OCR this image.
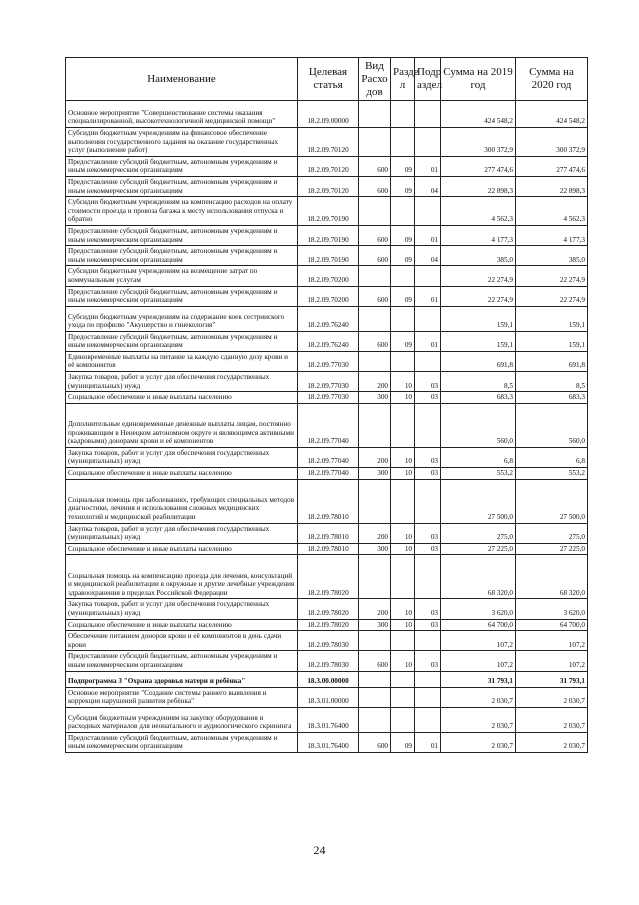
Наименование	Целевая статья	Вид Расхо дов	Разде л	Подр аздел	Сумма на 2019 год	Сумма на 2020 год
Основное мероприятие "Совершенствование системы оказания специализированной, высокотехнологичной медицинской помощи"	18.2.09.00000				424 548,2	424 548,2
Субсидии бюджетным учреждениям на финансовое обеспечение выполнения государственного задания на оказание государственных услуг (выполнение работ)	18.2.09.70120				300 372,9	300 372,9
Предоставление субсидий бюджетным, автономным учреждениям и иным некоммерческим организациям	18.2.09.70120	600	09	01	277 474,6	277 474,6
Предоставление субсидий бюджетным, автономным учреждениям и иным некоммерческим организациям	18.2.09.70120	600	09	04	22 898,3	22 898,3
Субсидии бюджетным учреждениям на компенсацию расходов на оплату стоимости проезда и провоза багажа к месту использования отпуска и обратно	18.2.09.70190				4 562,3	4 562,3
Предоставление субсидий бюджетным, автономным учреждениям и иным некоммерческим организациям	18.2.09.70190	600	09	01	4 177,3	4 177,3
Предоставление субсидий бюджетным, автономным учреждениям и иным некоммерческим организациям	18.2.09.70190	600	09	04	385,0	385,0
Субсидии бюджетным учреждениям на возмещение затрат по коммунальным услугам	18.2.09.70200				22 274,9	22 274,9
Предоставление субсидий бюджетным, автономным учреждениям и иным некоммерческим организациям	18.2.09.70200	600	09	01	22 274,9	22 274,9
Субсидии бюджетным учреждениям на содержание коек сестринского ухода по профилю "Акушерство и гинекология"	18.2.09.76240				159,1	159,1
Предоставление субсидий бюджетным, автономным учреждениям и иным некоммерческим организациям	18.2.09.76240	600	09	01	159,1	159,1
Единовременные выплаты на питание за каждую сданную дозу крови и её компонентов	18.2.09.77030				691,8	691,8
Закупка товаров, работ и услуг для обеспечения государственных (муниципальных) нужд	18.2.09.77030	200	10	03	8,5	8,5
Социальное обеспечение и иные выплаты населению	18.2.09.77030	300	10	03	683,3	683,3
Дополнительные единовременные денежные выплаты лицам, постоянно проживающим в Ненецком автономном округе и являющимся активными (кадровыми) донорами крови и её компонентов	18.2.09.77040				560,0	560,0
Закупка товаров, работ и услуг для обеспечения государственных (муниципальных) нужд	18.2.09.77040	200	10	03	6,8	6,8
Социальное обеспечение и иные выплаты населению	18.2.09.77040	300	10	03	553,2	553,2
Социальная помощь при заболеваниях, требующих специальных методов диагностики, лечения и использования сложных медицинских технологий и медицинской реабилитации	18.2.09.78010				27 500,0	27 500,0
Закупка товаров, работ и услуг для обеспечения государственных (муниципальных) нужд	18.2.09.78010	200	10	03	275,0	275,0
Социальное обеспечение и иные выплаты населению	18.2.09.78010	300	10	03	27 225,0	27 225,0
Социальная помощь на компенсацию проезда для лечения, консультаций и медицинской реабилитации в окружные и другие лечебные учреждения здравоохранения в пределах Российской Федерации	18.2.09.78020				68 320,0	68 320,0
Закупка товаров, работ и услуг для обеспечения государственных (муниципальных) нужд	18.2.09.78020	200	10	03	3 620,0	3 620,0
Социальное обеспечение и иные выплаты населению	18.2.09.78020	300	10	03	64 700,0	64 700,0
Обеспечение питанием доноров крови и её компонентов в день сдачи крови	18.2.09.78030				107,2	107,2
Предоставление субсидий бюджетным, автономным учреждениям и иным некоммерческим организациям	18.2.09.78030	600	10	03	107,2	107,2
Подпрограмма 3 "Охрана здоровья матери и ребёнка"	18.3.00.00000				31 793,1	31 793,1
Основное мероприятие "Создание системы раннего выявления и коррекции нарушений развития ребёнка"	18.3.01.00000				2 030,7	2 030,7
Субсидия бюджетным учреждениям на закупку оборудования и расходных материалов для неонатального и аудиологического скрининга	18.3.01.76400				2 030,7	2 030,7
Предоставление субсидий бюджетным, автономным учреждениям и иным некоммерческим организациям	18.3.01.76400	600	09	01	2 030,7	2 030,7
24
